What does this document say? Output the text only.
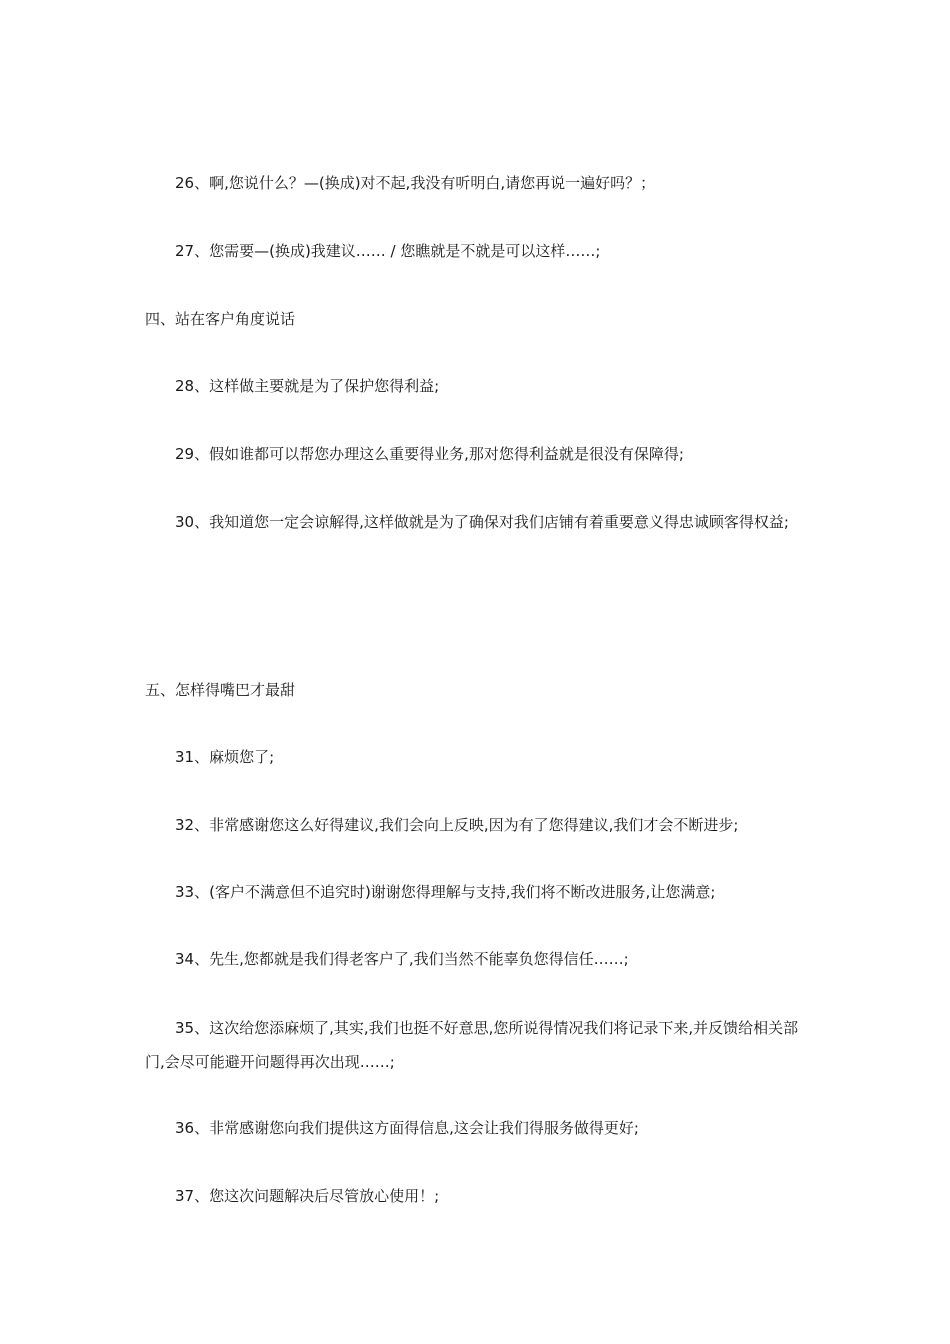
26、啊,您说什么？—(换成)对不起,我没有听明白,请您再说一遍好吗？；
27、您需要—(换成)我建议…… / 您瞧就是不就是可以这样……;
四、站在客户角度说话
28、这样做主要就是为了保护您得利益;
29、假如谁都可以帮您办理这么重要得业务,那对您得利益就是很没有保障得;
30、我知道您一定会谅解得,这样做就是为了确保对我们店铺有着重要意义得忠诚顾客得权益;
五、怎样得嘴巴才最甜
31、麻烦您了;
32、非常感谢您这么好得建议,我们会向上反映,因为有了您得建议,我们才会不断进步;
33、(客户不满意但不追究时)谢谢您得理解与支持,我们将不断改进服务,让您满意;
34、先生,您都就是我们得老客户了,我们当然不能辜负您得信任……;
35、这次给您添麻烦了,其实,我们也挺不好意思,您所说得情况我们将记录下来,并反馈给相关部门,会尽可能避开问题得再次出现……;
36、非常感谢您向我们提供这方面得信息,这会让我们得服务做得更好;
37、您这次问题解决后尽管放心使用！;
